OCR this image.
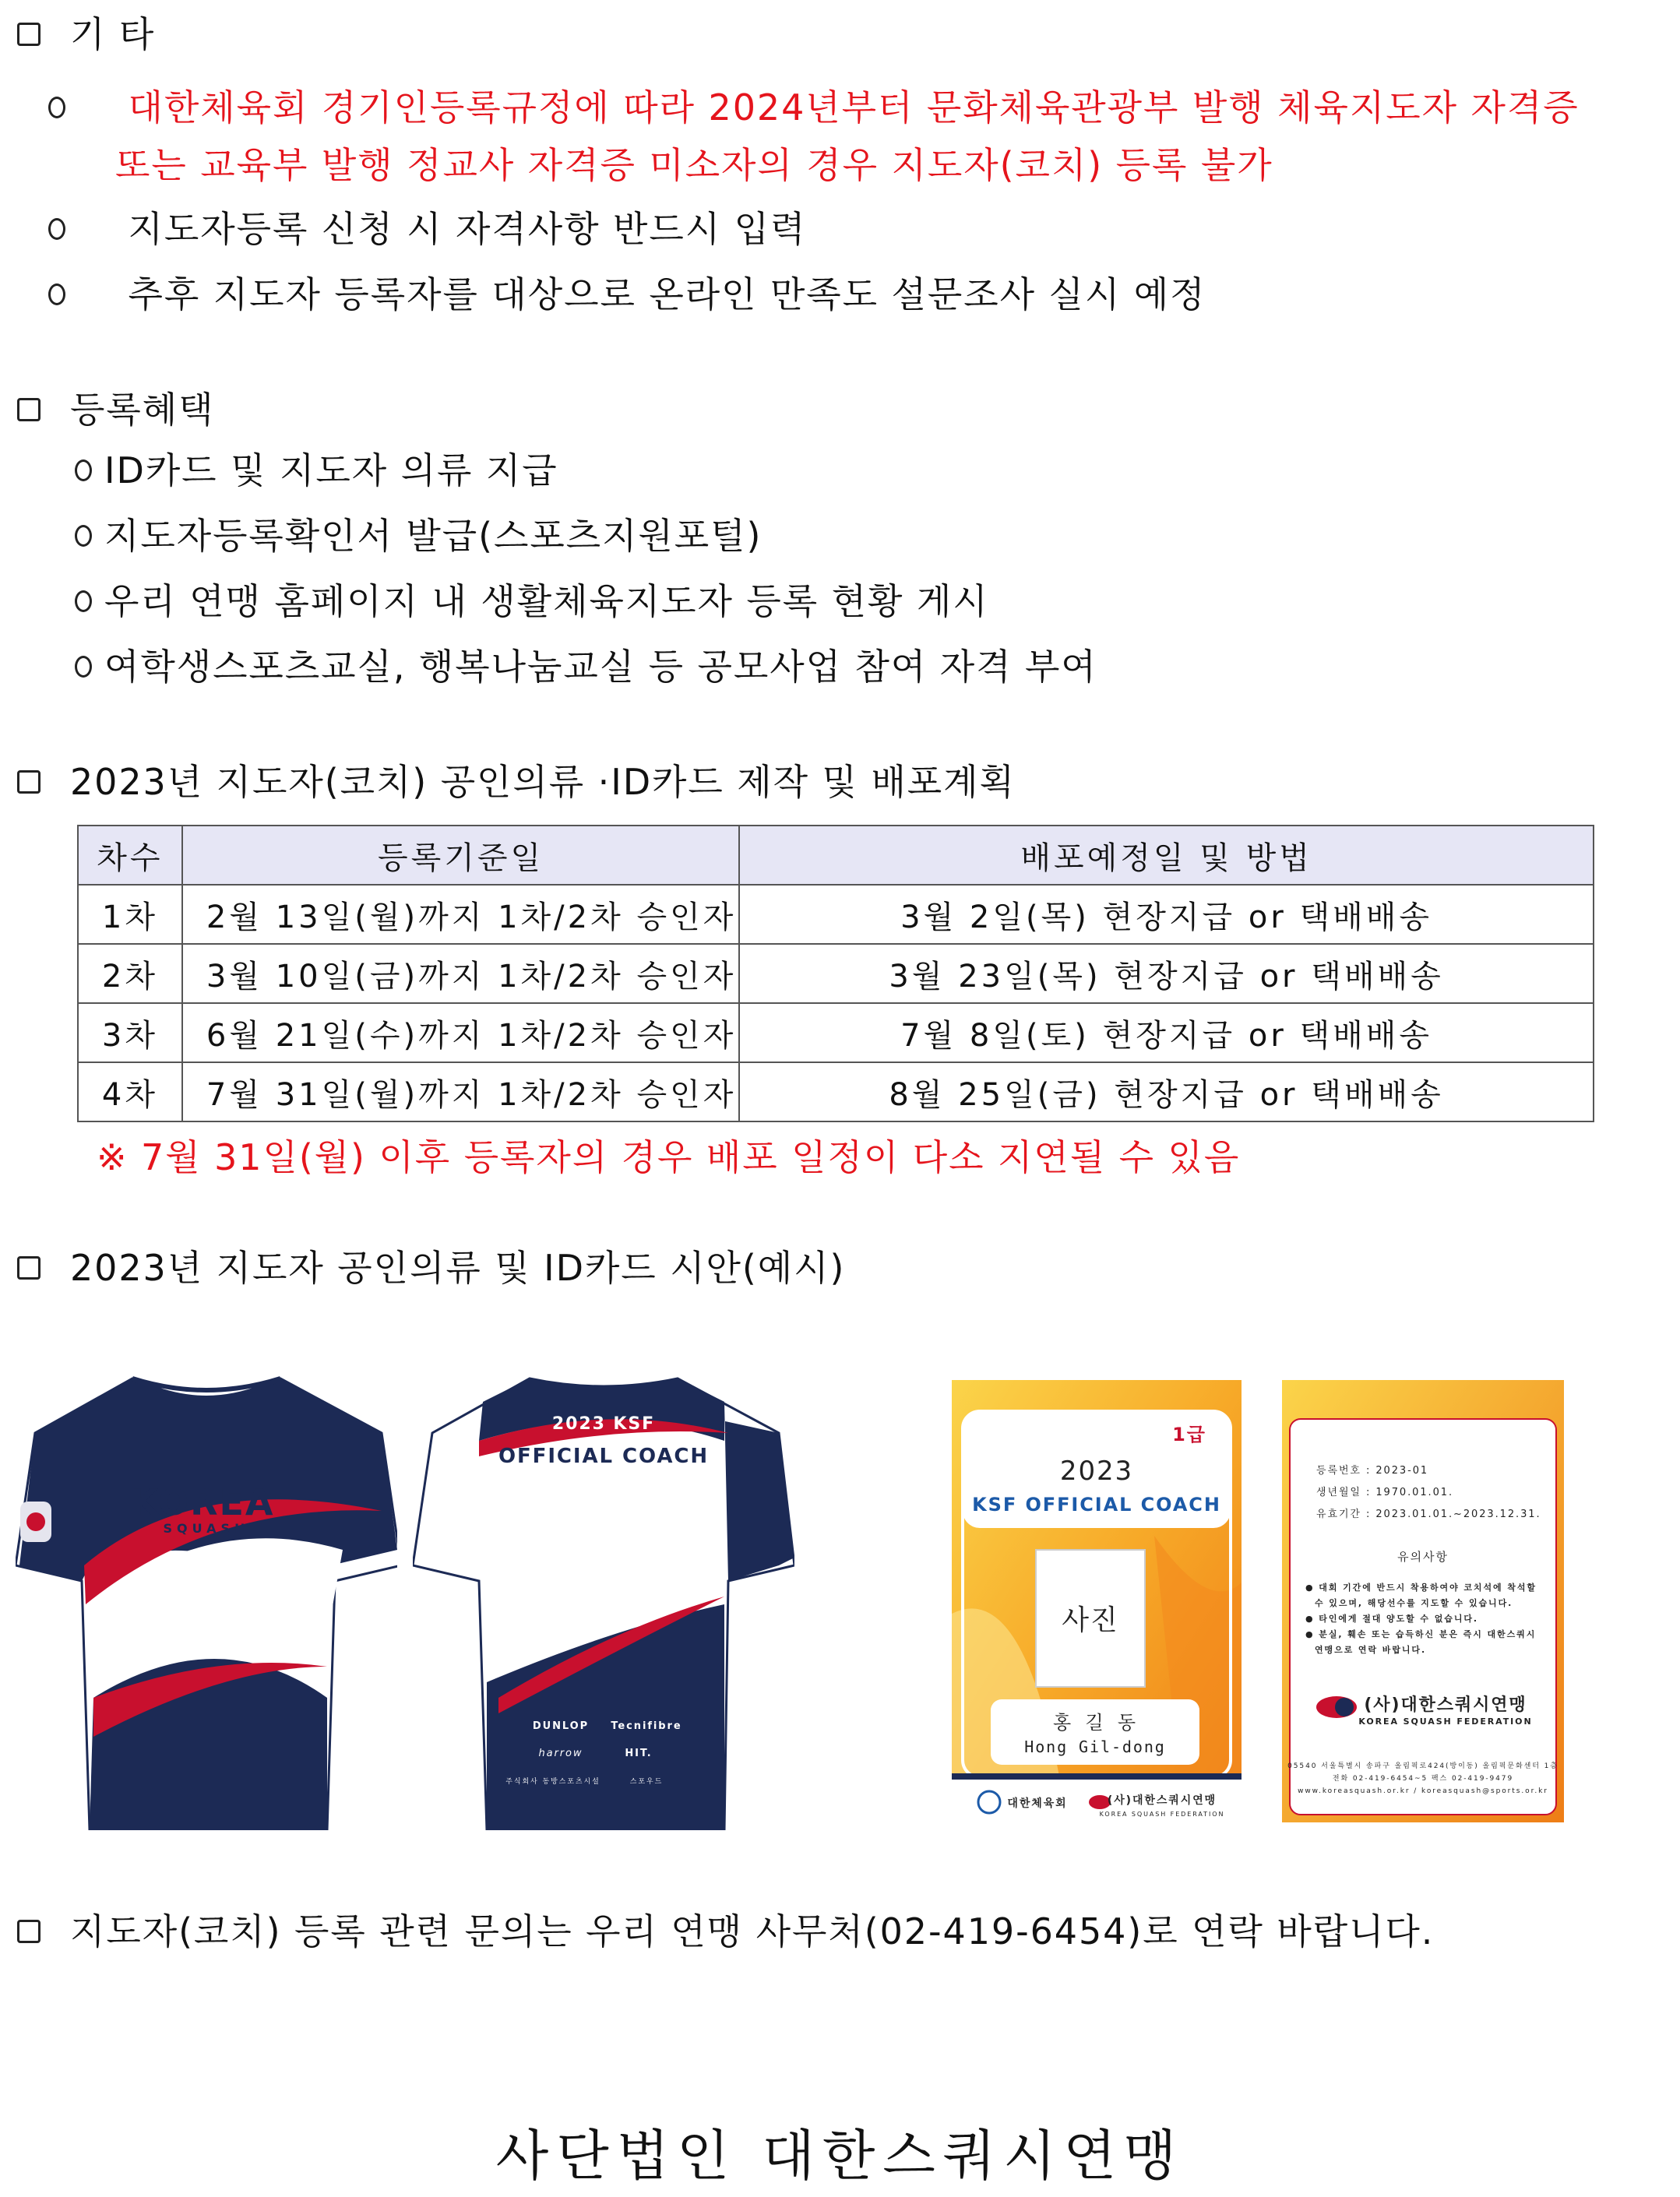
기 타
대한체육회 경기인등록규정에 따라 2024년부터 문화체육관광부 발행 체육지도자 자격증
또는 교육부 발행 정교사 자격증 미소자의 경우 지도자(코치) 등록 불가
지도자등록 신청 시 자격사항 반드시 입력
추후 지도자 등록자를 대상으로 온라인 만족도 설문조사 실시 예정
등록혜택
ID카드 및 지도자 의류 지급
지도자등록확인서 발급(스포츠지원포털)
우리 연맹 홈페이지 내 생활체육지도자 등록 현황 게시
여학생스포츠교실, 행복나눔교실 등 공모사업 참여 자격 부여
2023년 지도자(코치) 공인의류 ·ID카드 제작 및 배포계획
차수	등록기준일	배포예정일 및 방법
1차	2월 13일(월)까지 1차/2차 승인자	3월 2일(목) 현장지급 or 택배배송
2차	3월 10일(금)까지 1차/2차 승인자	3월 23일(목) 현장지급 or 택배배송
3차	6월 21일(수)까지 1차/2차 승인자	7월 8일(토) 현장지급 or 택배배송
4차	7월 31일(월)까지 1차/2차 승인자	8월 25일(금) 현장지급 or 택배배송
※ 7월 31일(월) 이후 등록자의 경우 배포 일정이 다소 지연될 수 있음
2023년 지도자 공인의류 및 ID카드 시안(예시)
KOREA
SQUASH
2023 KSF
OFFICIAL COACH
DUNLOP Tecnifibre
harrow	HIT.
주식회사 동방스포츠시설	스포우드
1급
2023
KSF OFFICIAL COACH
사진
홍 길 동
Hong Gil-dong
대한체육회	(사)대한스쿼시연맹
KOREA SQUASH FEDERATION
등록번호 : 2023-01
생년월일 : 1970.01.01.
유효기간 : 2023.01.01.~2023.12.31.
유의사항
● 대회 기간에 반드시 착용하여야 코치석에 착석할
수 있으며, 해당선수를 지도할 수 있습니다.
● 타인에게 절대 양도할 수 없습니다.
● 분실, 훼손 또는 습득하신 분은 즉시 대한스쿼시
연맹으로 연락 바랍니다.
(사)대한스쿼시연맹
KOREA SQUASH FEDERATION
05540 서울특별시 송파구 올림픽로424(방이동) 올림픽문화센터 1층
전화 02-419-6454~5 팩스 02-419-9479
www.koreasquash.or.kr / koreasquash@sports.or.kr
지도자(코치) 등록 관련 문의는 우리 연맹 사무처(02-419-6454)로 연락 바랍니다.
사단법인 대한스쿼시연맹
